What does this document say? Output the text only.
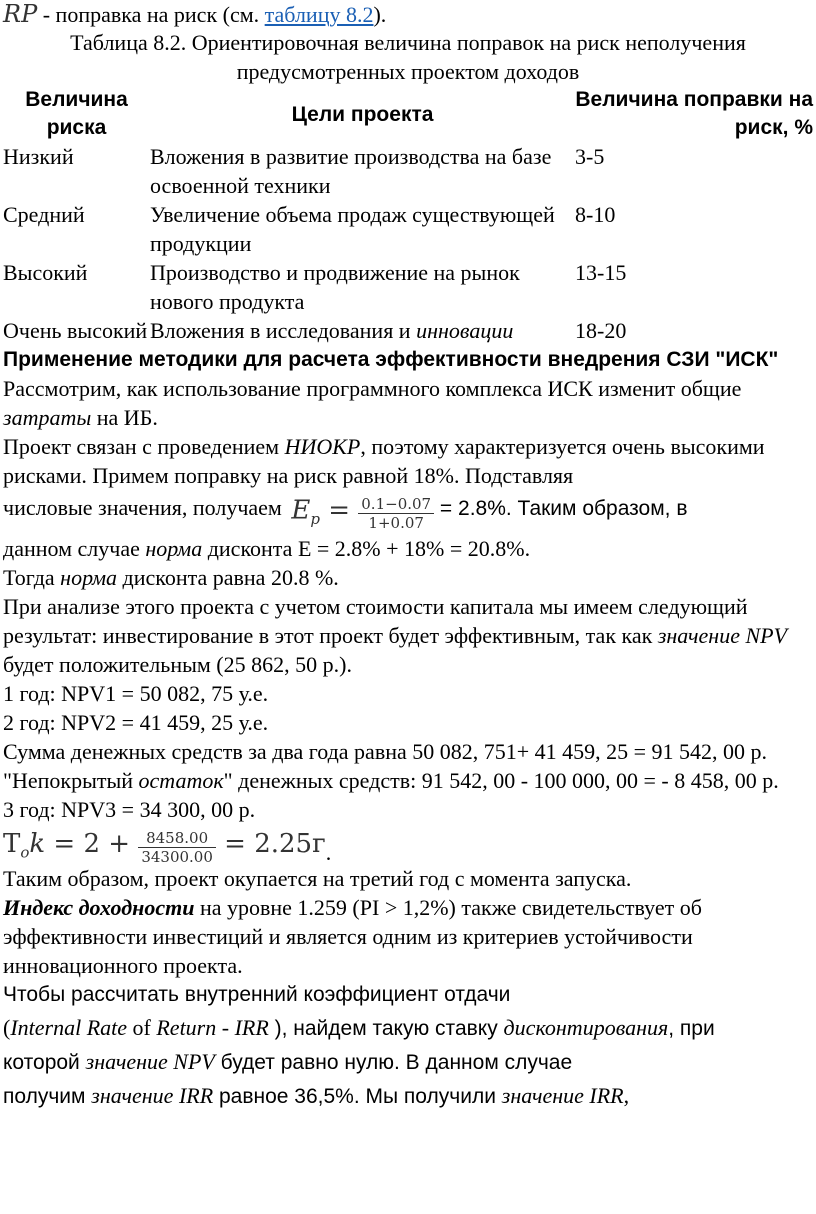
RP - поправка на риск (см. таблицу 8.2).

Таблица 8.2. Ориентировочная величина поправок на риск неполучения предусмотренных проектом доходов

Величина риска	Цели проекта	Величина поправки на риск, %
Низкий	Вложения в развитие производства на базе освоенной техники	3-5
Средний	Увеличение объема продаж существующей продукции	8-10
Высокий	Производство и продвижение на рынок нового продукта	13-15
Очень высокий	Вложения в исследования и инновации	18-20

Применение методики для расчета эффективности внедрения СЗИ "ИСК"

Рассмотрим, как использование программного комплекса ИСК изменит общие затраты на ИБ.

Проект связан с проведением НИОКР, поэтому характеризуется очень высокими рисками. Примем поправку на риск равной 18%. Подставляя

числовые значения, получаем $E_p = \frac{0.1-0.07}{1+0.07} = 2.8\%$. Таким образом, в

данном случае норма дисконта E = 2.8% + 18% = 20.8%.

Тогда норма дисконта равна 20.8 %.

При анализе этого проекта с учетом стоимости капитала мы имеем следующий результат: инвестирование в этот проект будет эффективным, так как значение NPV будет положительным (25 862, 50 р.).

1 год: NPV1 = 50 082, 75 у.е.

2 год: NPV2 = 41 459, 25 у.е.

Сумма денежных средств за два года равна 50 082, 751+ 41 459, 25 = 91 542, 00 р.

"Непокрытый остаток" денежных средств: 91 542, 00 - 100 000, 00 = - 8 458, 00 р.

3 год: NPV3 = 34 300, 00 р.

$T_ok = 2 + \frac{8458.00}{34300.00} = 2.25г$.

Таким образом, проект окупается на третий год с момента запуска.

Индекс доходности на уровне 1.259 (PI > 1,2%) также свидетельствует об эффективности инвестиций и является одним из критериев устойчивости инновационного проекта.

Чтобы рассчитать внутренний коэффициент отдачи

(Internal Rate of Return - IRR ), найдем такую ставку дисконтирования, при

которой значение NPV будет равно нулю. В данном случае

получим значение IRR равное 36,5%. Мы получили значение IRR,
